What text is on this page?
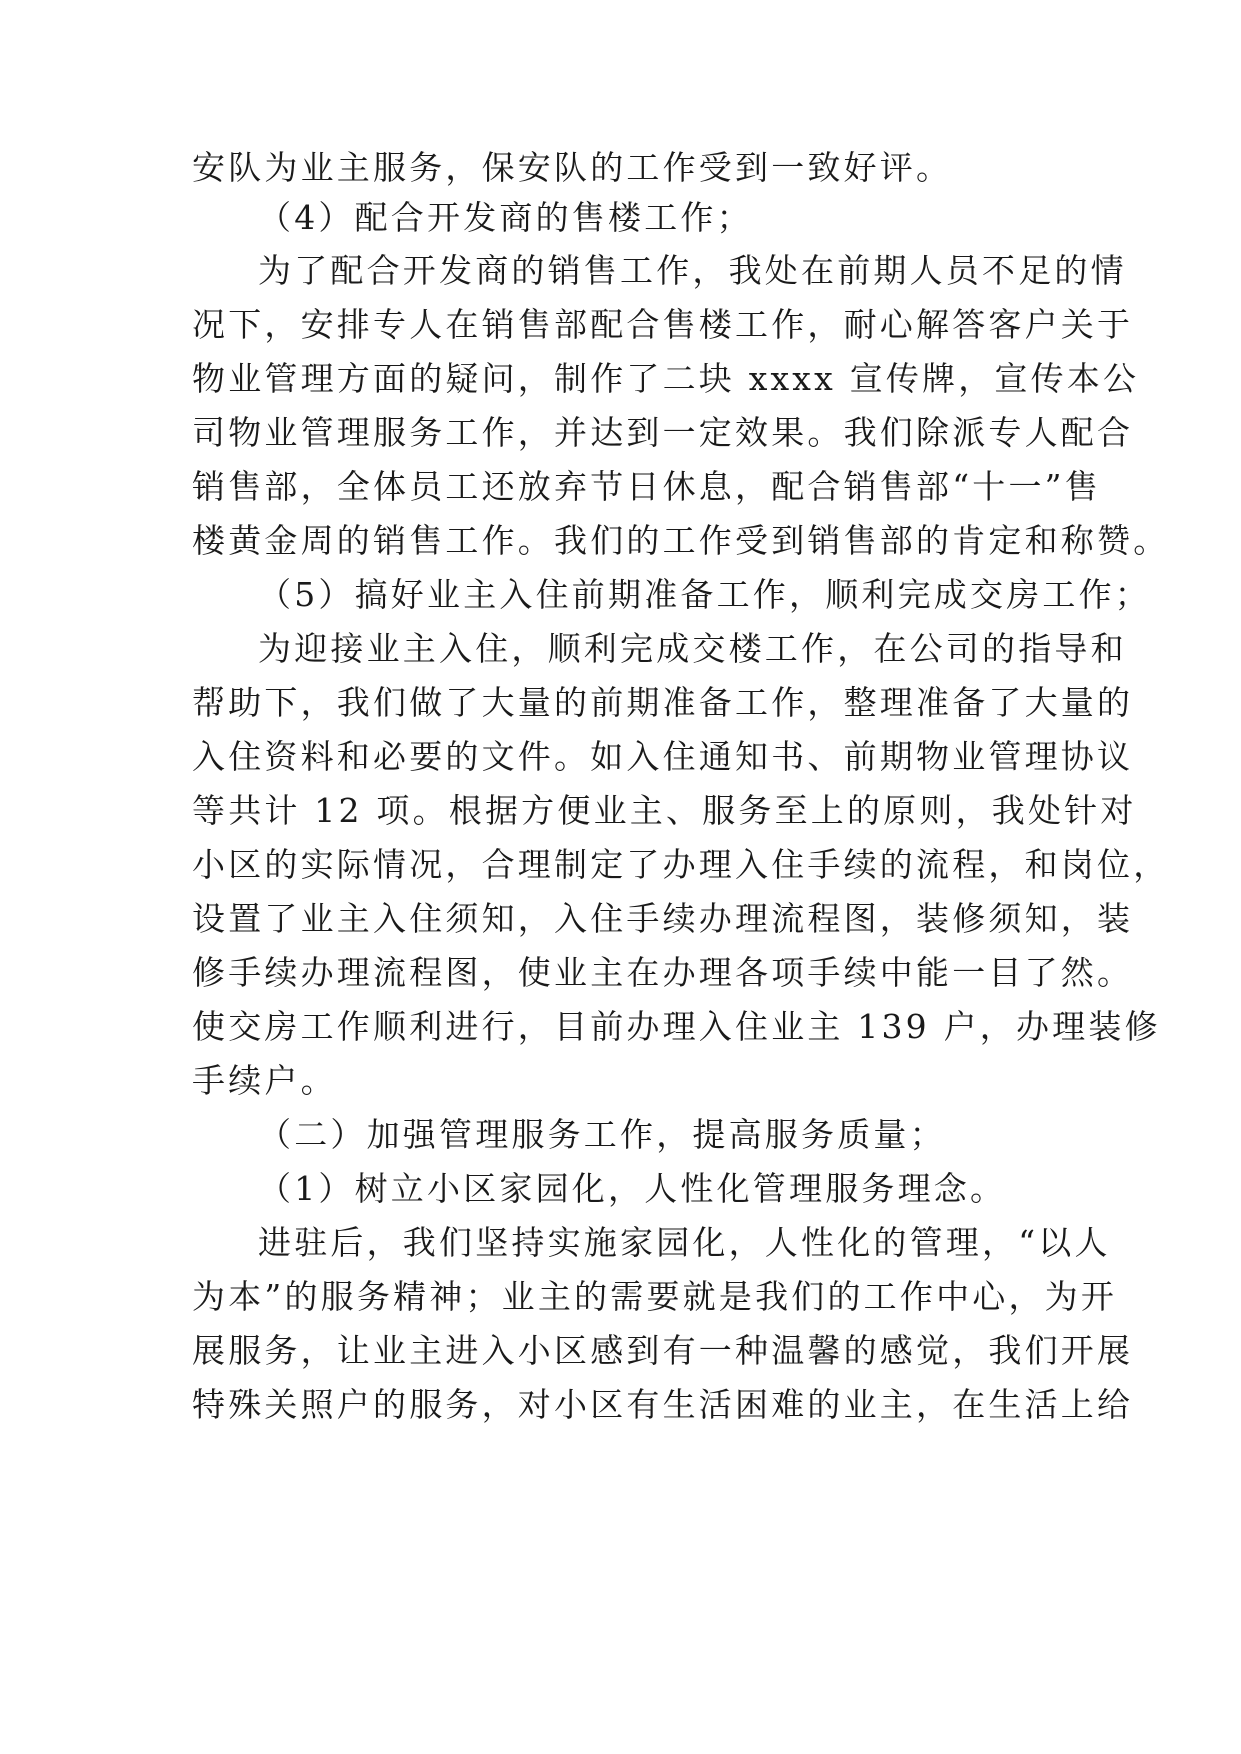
安队为业主服务，保安队的工作受到一致好评。
（4）配合开发商的售楼工作；
为了配合开发商的销售工作，我处在前期人员不足的情
况下，安排专人在销售部配合售楼工作，耐心解答客户关于
物业管理方面的疑问，制作了二块 xxxx 宣传牌，宣传本公
司物业管理服务工作，并达到一定效果。我们除派专人配合
销售部，全体员工还放弃节日休息，配合销售部“十一”售
楼黄金周的销售工作。我们的工作受到销售部的肯定和称赞。
（5）搞好业主入住前期准备工作，顺利完成交房工作；
为迎接业主入住，顺利完成交楼工作，在公司的指导和
帮助下，我们做了大量的前期准备工作，整理准备了大量的
入住资料和必要的文件。如入住通知书、前期物业管理协议
等共计 12 项。根据方便业主、服务至上的原则，我处针对
小区的实际情况，合理制定了办理入住手续的流程，和岗位，
设置了业主入住须知，入住手续办理流程图，装修须知，装
修手续办理流程图，使业主在办理各项手续中能一目了然。
使交房工作顺利进行，目前办理入住业主 139 户，办理装修
手续户。
（二）加强管理服务工作，提高服务质量；
（1）树立小区家园化，人性化管理服务理念。
进驻后，我们坚持实施家园化，人性化的管理，“以人
为本”的服务精神；业主的需要就是我们的工作中心，为开
展服务，让业主进入小区感到有一种温馨的感觉，我们开展
特殊关照户的服务，对小区有生活困难的业主，在生活上给
